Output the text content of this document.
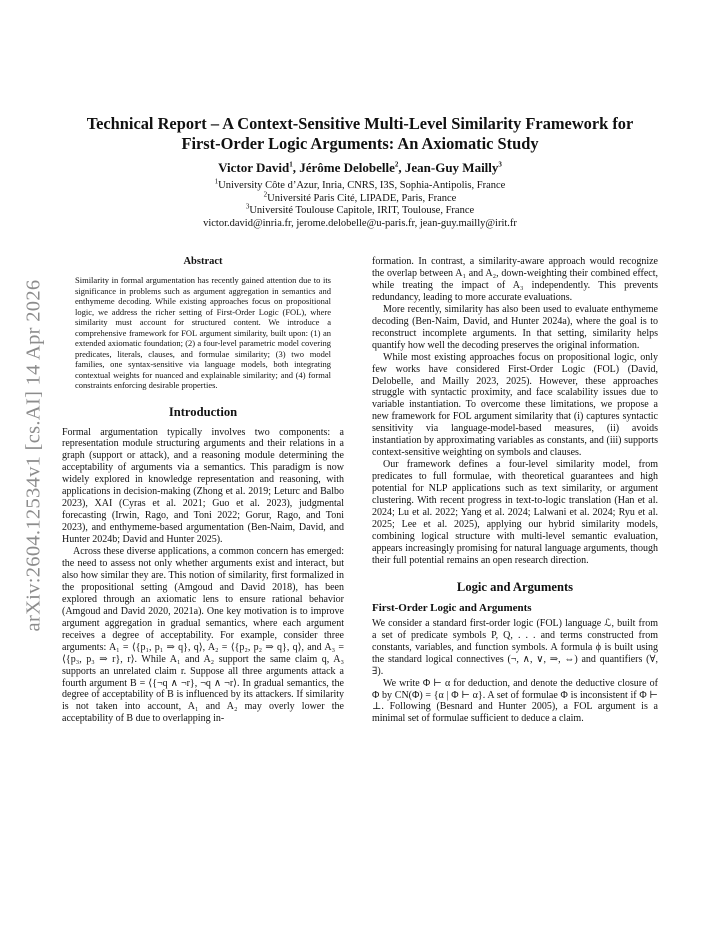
arXiv:2604.12534v1 [cs.AI] 14 Apr 2026
Technical Report – A Context-Sensitive Multi-Level Similarity Framework for
First-Order Logic Arguments: An Axiomatic Study
Victor David$^1$, Jérôme Delobelle$^2$, Jean-Guy Mailly$^3$
$^1$University Côte d’Azur, Inria, CNRS, I3S, Sophia-Antipolis, France
$^2$Université Paris Cité, LIPADE, Paris, France
$^3$Université Toulouse Capitole, IRIT, Toulouse, France
victor.david@inria.fr, jerome.delobelle@u-paris.fr, jean-guy.mailly@irit.fr
Abstract

Similarity in formal argumentation has recently gained attention due to its significance in problems such as argument aggregation in semantics and enthymeme decoding. While existing approaches focus on propositional logic, we address the richer setting of First-Order Logic (FOL), where similarity must account for structured content. We introduce a comprehensive framework for FOL argument similarity, built upon: (1) an extended axiomatic foundation; (2) a four-level parametric model covering predicates, literals, clauses, and formulae similarity; (3) two model families, one syntax-sensitive via language models, both integrating contextual weights for nuanced and explainable similarity; and (4) formal constraints enforcing desirable properties.

Introduction

Formal argumentation typically involves two components: a representation module structuring arguments and their relations in a graph (support or attack), and a reasoning module determining the acceptability of arguments via a semantics. This paradigm is now widely explored in knowledge representation and reasoning, with applications in decision-making (Zhong et al. 2019; Leturc and Balbo 2023), XAI (Cyras et al. 2021; Guo et al. 2023), judgmental forecasting (Irwin, Rago, and Toni 2022; Gorur, Rago, and Toni 2023), and enthymeme-based argumentation (Ben-Naim, David, and Hunter 2024b; David and Hunter 2025).

Across these diverse applications, a common concern has emerged: the need to assess not only whether arguments exist and interact, but also how similar they are. This notion of similarity, first formalized in the propositional setting (Amgoud and David 2018), has been explored through an axiomatic lens to ensure rational behavior (Amgoud and David 2020, 2021a). One key motivation is to improve argument aggregation in gradual semantics, where each argument receives a degree of acceptability. For example, consider three arguments: A₁ = ⟨{p₁, p₁ ⇒ q}, q⟩, A₂ = ⟨{p₂, p₂ ⇒ q}, q⟩, and A₃ = ⟨{p₃, p₃ ⇒ r}, r⟩. While A₁ and A₂ support the same claim q, A₃ supports an unrelated claim r. Suppose all three arguments attack a fourth argument B = ⟨{¬q ∧ ¬r}, ¬q ∧ ¬r⟩. In gradual semantics, the degree of acceptability of B is influenced by its attackers. If similarity is not taken into account, A₁ and A₂ may overly lower the acceptability of B due to overlapping in-

formation. In contrast, a similarity-aware approach would recognize the overlap between A₁ and A₂, down-weighting their combined effect, while treating the impact of A₃ independently. This prevents redundancy, leading to more accurate evaluations.

More recently, similarity has also been used to evaluate enthymeme decoding (Ben-Naim, David, and Hunter 2024a), where the goal is to reconstruct incomplete arguments. In that setting, similarity helps quantify how well the decoding preserves the original information.

While most existing approaches focus on propositional logic, only few works have considered First-Order Logic (FOL) (David, Delobelle, and Mailly 2023, 2025). However, these approaches struggle with syntactic proximity, and face scalability issues due to variable instantiation. To overcome these limitations, we propose a new framework for FOL argument similarity that (i) captures syntactic sensitivity via language-model-based measures, (ii) avoids instantiation by approximating variables as constants, and (iii) supports context-sensitive weighting on symbols and clauses.

Our framework defines a four-level similarity model, from predicates to full formulae, with theoretical guarantees and high potential for NLP applications such as text similarity, or argument clustering. With recent progress in text-to-logic translation (Han et al. 2024; Lu et al. 2022; Yang et al. 2024; Lalwani et al. 2024; Ryu et al. 2025; Lee et al. 2025), applying our hybrid similarity models, combining logical structure with multi-level semantic evaluation, appears increasingly promising for natural language arguments, though their full potential remains an open research direction.

Logic and Arguments
First-Order Logic and Arguments

We consider a standard first-order logic (FOL) language ℒ, built from a set of predicate symbols P, Q, . . . and terms constructed from constants, variables, and function symbols. A formula ϕ is built using the standard logical connectives (¬, ∧, ∨, ⇒, ⇔) and quantifiers (∀, ∃).

We write Φ ⊢ α for deduction, and denote the deductive closure of Φ by CN(Φ) = {α | Φ ⊢ α}. A set of formulae Φ is inconsistent if Φ ⊢ ⊥. Following (Besnard and Hunter 2005), a FOL argument is a minimal set of formulae sufficient to deduce a claim.
